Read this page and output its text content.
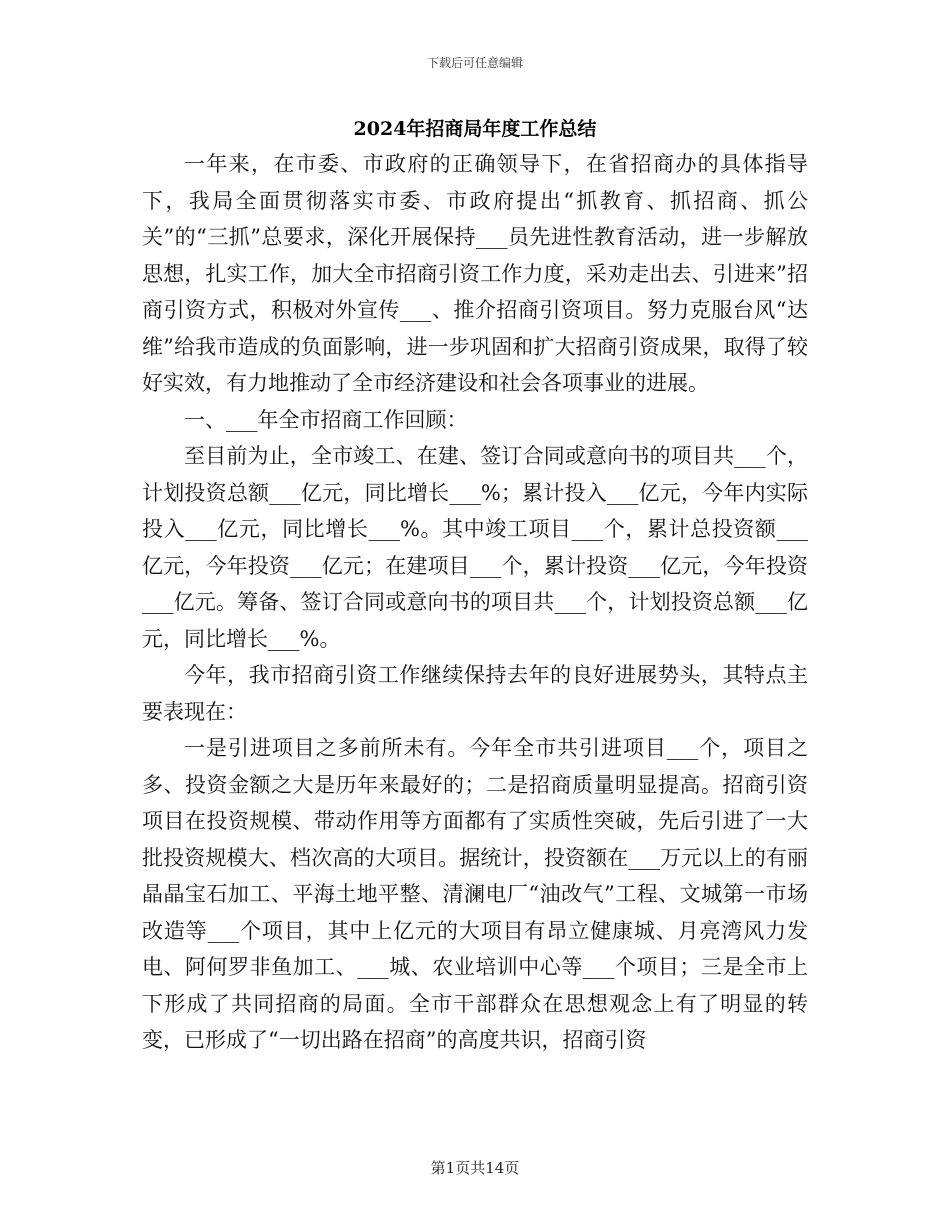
下载后可任意编辑
2024年招商局年度工作总结

一年来，在市委、市政府的正确领导下，在省招商办的具体指导下，我局全面贯彻落实市委、市政府提出“抓教育、抓招商、抓公关”的“三抓”总要求，深化开展保持___员先进性教育活动，进一步解放思想，扎实工作，加大全市招商引资工作力度，采劝走出去、引进来”招商引资方式，积极对外宣传___、推介招商引资项目。努力克服台风“达维”给我市造成的负面影响，进一步巩固和扩大招商引资成果，取得了较好实效，有力地推动了全市经济建设和社会各项事业的进展。

一、___年全市招商工作回顾：

至目前为止，全市竣工、在建、签订合同或意向书的项目共___个，计划投资总额___亿元，同比增长___%；累计投入___亿元，今年内实际投入___亿元，同比增长___%。其中竣工项目___个，累计总投资额___亿元，今年投资___亿元；在建项目___个，累计投资___亿元，今年投资___亿元。筹备、签订合同或意向书的项目共___个，计划投资总额___亿元，同比增长___%。

今年，我市招商引资工作继续保持去年的良好进展势头，其特点主要表现在：

一是引进项目之多前所未有。今年全市共引进项目___个，项目之多、投资金额之大是历年来最好的；二是招商质量明显提高。招商引资项目在投资规模、带动作用等方面都有了实质性突破，先后引进了一大批投资规模大、档次高的大项目。据统计，投资额在___万元以上的有丽晶晶宝石加工、平海土地平整、清澜电厂“油改气”工程、文城第一市场改造等___个项目，其中上亿元的大项目有昂立健康城、月亮湾风力发电、阿何罗非鱼加工、___城、农业培训中心等___个项目；三是全市上下形成了共同招商的局面。全市干部群众在思想观念上有了明显的转变，已形成了“一切出路在招商”的高度共识，招商引资

第1页共14页
